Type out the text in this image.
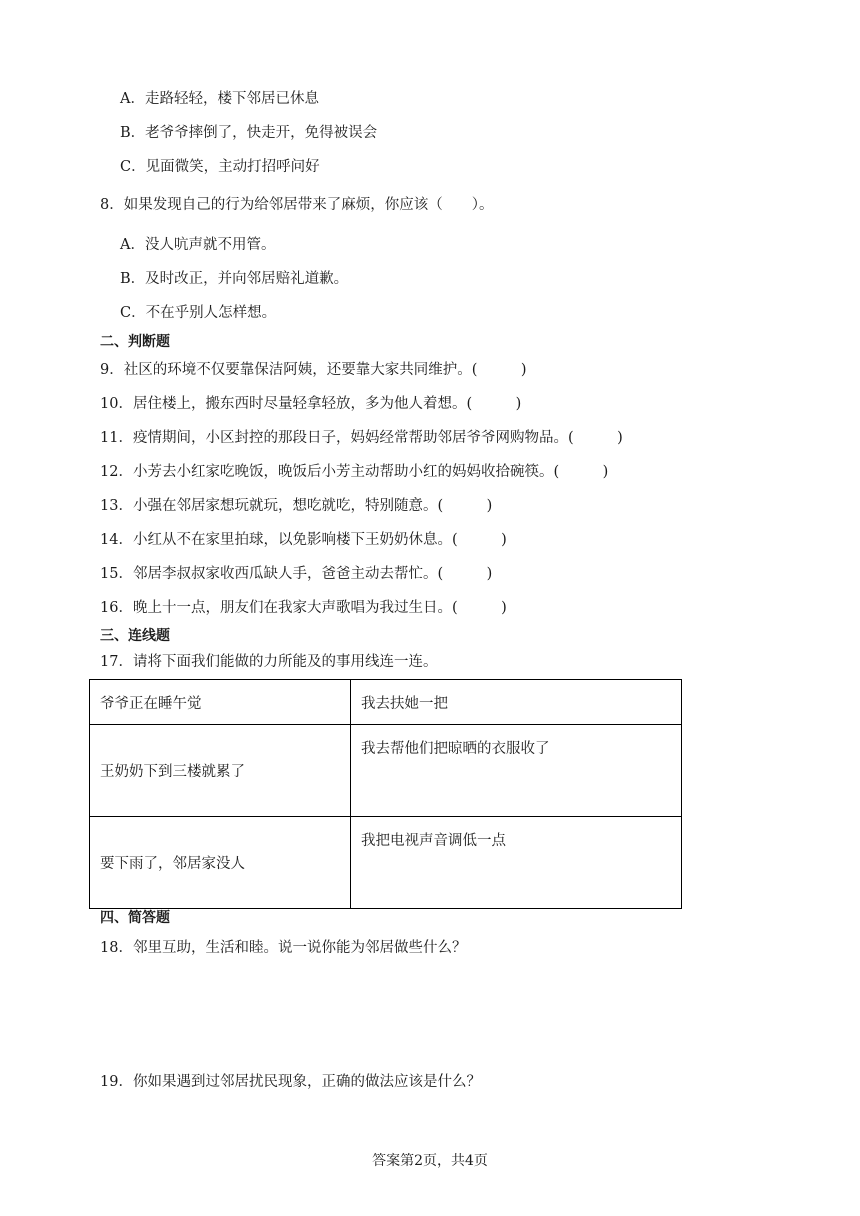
A．走路轻轻，楼下邻居已休息
B．老爷爷摔倒了，快走开，免得被误会
C．见面微笑，主动打招呼问好
8．如果发现自己的行为给邻居带来了麻烦，你应该（　　）。
A．没人吭声就不用管。
B．及时改正，并向邻居赔礼道歉。
C．不在乎别人怎样想。
二、判断题
9．社区的环境不仅要靠保洁阿姨，还要靠大家共同维护。(　　　)
10．居住楼上，搬东西时尽量轻拿轻放，多为他人着想。(　　　)
11．疫情期间，小区封控的那段日子，妈妈经常帮助邻居爷爷网购物品。(　　　)
12．小芳去小红家吃晚饭，晚饭后小芳主动帮助小红的妈妈收拾碗筷。(　　　)
13．小强在邻居家想玩就玩，想吃就吃，特别随意。(　　　)
14．小红从不在家里拍球，以免影响楼下王奶奶休息。(　　　)
15．邻居李叔叔家收西瓜缺人手，爸爸主动去帮忙。(　　　)
16．晚上十一点，朋友们在我家大声歌唱为我过生日。(　　　)
三、连线题
17．请将下面我们能做的力所能及的事用线连一连。
爷爷正在睡午觉	我去扶她一把
王奶奶下到三楼就累了	我去帮他们把晾晒的衣服收了
要下雨了，邻居家没人	我把电视声音调低一点
四、简答题
18．邻里互助，生活和睦。说一说你能为邻居做些什么？
19．你如果遇到过邻居扰民现象，正确的做法应该是什么？
答案第2页，共4页
